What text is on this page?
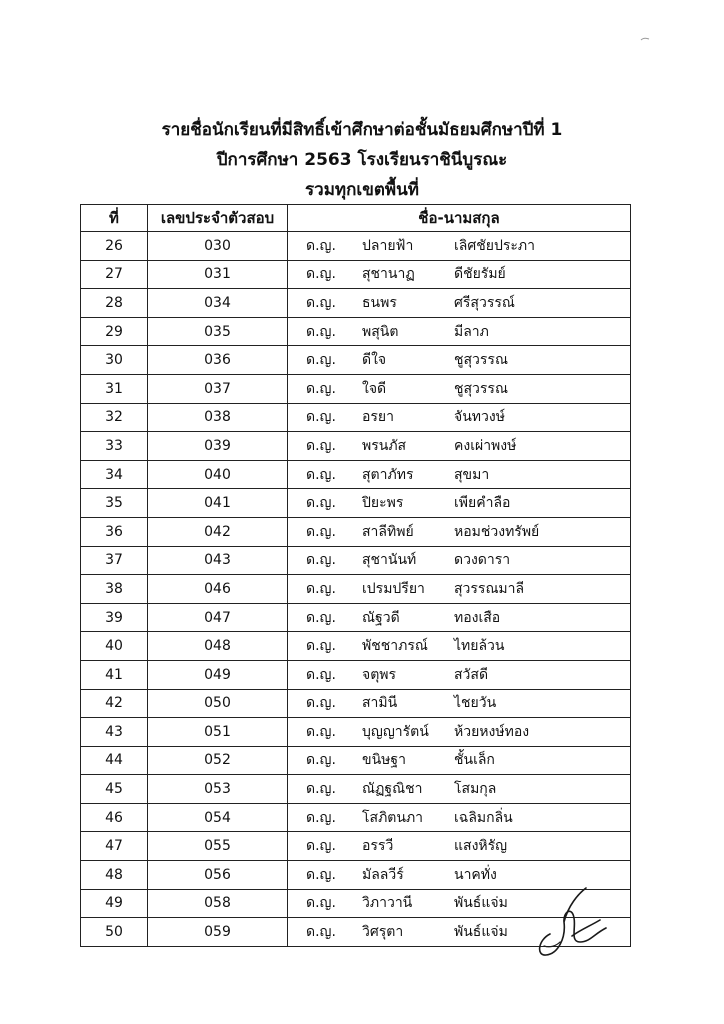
รายชื่อนักเรียนที่มีสิทธิ์เข้าศึกษาต่อชั้นมัธยมศึกษาปีที่ 1
ปีการศึกษา 2563 โรงเรียนราชินีบูรณะ
รวมทุกเขตพื้นที่
ที่	เลขประจำตัวสอบ	ชื่อ-นามสกุล
26	030	ด.ญ. ปลายฟ้า เลิศชัยประภา
27	031	ด.ญ. สุชานาฏ ดีชัยรัมย์
28	034	ด.ญ. ธนพร ศรีสุวรรณ์
29	035	ด.ญ. พสุนิต มีลาภ
30	036	ด.ญ. ดีใจ ชูสุวรรณ
31	037	ด.ญ. ใจดี ชูสุวรรณ
32	038	ด.ญ. อรยา จันทวงษ์
33	039	ด.ญ. พรนภัส คงเผ่าพงษ์
34	040	ด.ญ. สุตาภัทร สุขมา
35	041	ด.ญ. ปิยะพร เพียคำลือ
36	042	ด.ญ. สาลีทิพย์ หอมช่วงทรัพย์
37	043	ด.ญ. สุชานันท์ ดวงดารา
38	046	ด.ญ. เปรมปรียา สุวรรณมาลี
39	047	ด.ญ. ณัฐวดี ทองเสือ
40	048	ด.ญ. พัชชาภรณ์ ไทยล้วน
41	049	ด.ญ. จตุพร สวัสดี
42	050	ด.ญ. สามินี ไชยวัน
43	051	ด.ญ. บุญญารัตน์ ห้วยหงษ์ทอง
44	052	ด.ญ. ขนิษฐา ชั้นเล็ก
45	053	ด.ญ. ณัฏฐณิชา โสมกุล
46	054	ด.ญ. โสภิตนภา เฉลิมกลิ่น
47	055	ด.ญ. อรรวี แสงหิรัญ
48	056	ด.ญ. มัลลวีร์ นาคทั่ง
49	058	ด.ญ. วิภาวานี พันธ์แจ่ม
50	059	ด.ญ. วิศรุตา พันธ์แจ่ม
